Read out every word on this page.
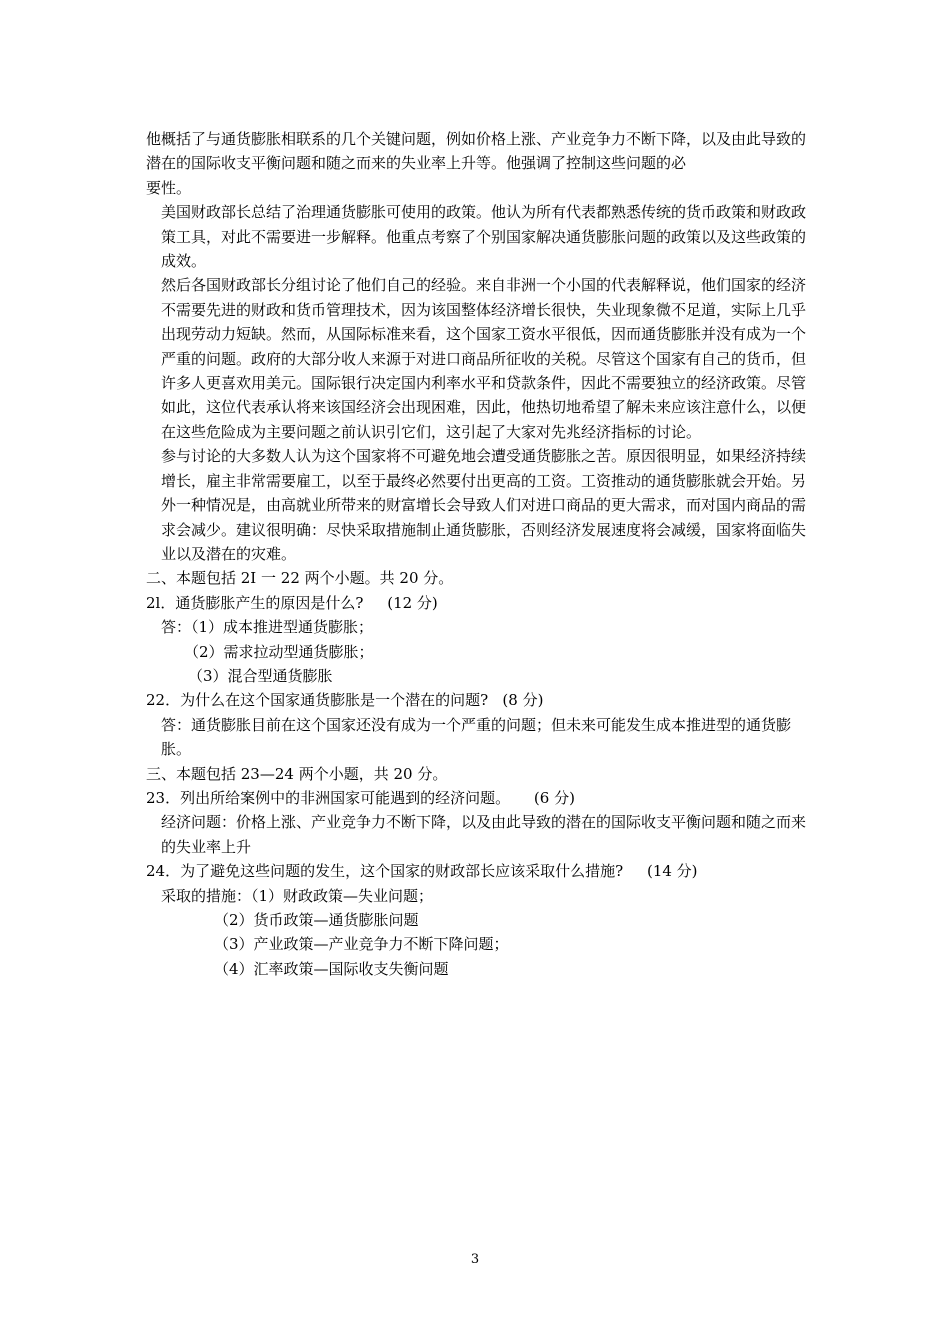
他概括了与通货膨胀相联系的几个关键问题，例如价格上涨、产业竞争力不断下降，以及由此导致的潜在的国际收支平衡问题和随之而来的失业率上升等。他强调了控制这些问题的必

要性。

美国财政部长总结了治理通货膨胀可使用的政策。他认为所有代表都熟悉传统的货币政策和财政政策工具，对此不需要进一步解释。他重点考察了个别国家解决通货膨胀问题的政策以及这些政策的成效。

然后各国财政部长分组讨论了他们自己的经验。来自非洲一个小国的代表解释说，他们国家的经济不需要先进的财政和货币管理技术，因为该国整体经济增长很快，失业现象微不足道，实际上几乎出现劳动力短缺。然而，从国际标准来看，这个国家工资水平很低，因而通货膨胀并没有成为一个严重的问题。政府的大部分收人来源于对进口商品所征收的关税。尽管这个国家有自己的货币，但许多人更喜欢用美元。国际银行决定国内利率水平和贷款条件，因此不需要独立的经济政策。尽管如此，这位代表承认将来该国经济会出现困难，因此，他热切地希望了解未来应该注意什么，以便在这些危险成为主要问题之前认识引它们，这引起了大家对先兆经济指标的讨论。

参与讨论的大多数人认为这个国家将不可避免地会遭受通货膨胀之苦。原因很明显，如果经济持续增长，雇主非常需要雇工，以至于最终必然要付出更高的工资。工资推动的通货膨胀就会开始。另外一种情况是，由高就业所带来的财富增长会导致人们对进口商品的更大需求，而对国内商品的需求会减少。建议很明确：尽快采取措施制止通货膨胀，否则经济发展速度将会减缓，国家将面临失业以及潜在的灾难。

二、本题包括 2I 一 22 两个小题。共 20 分。

2l．通货膨胀产生的原因是什么?     (12 分)

答：（1）成本推进型通货膨胀；

（2）需求拉动型通货膨胀；

（3）混合型通货膨胀

22．为什么在这个国家通货膨胀是一个潜在的问题?   (8 分)

答：通货膨胀目前在这个国家还没有成为一个严重的问题；但未来可能发生成本推进型的通货膨胀。

三、本题包括 23—24 两个小题，共 20 分。

23．列出所给案例中的非洲国家可能遇到的经济问题。     (6 分)

经济问题：价格上涨、产业竞争力不断下降，以及由此导致的潜在的国际收支平衡问题和随之而来的失业率上升

24．为了避免这些问题的发生，这个国家的财政部长应该采取什么措施?     (14 分)

采取的措施：（1）财政政策—失业问题；

（2）货币政策—通货膨胀问题

（3）产业政策—产业竞争力不断下降问题；

（4）汇率政策—国际收支失衡问题

3
